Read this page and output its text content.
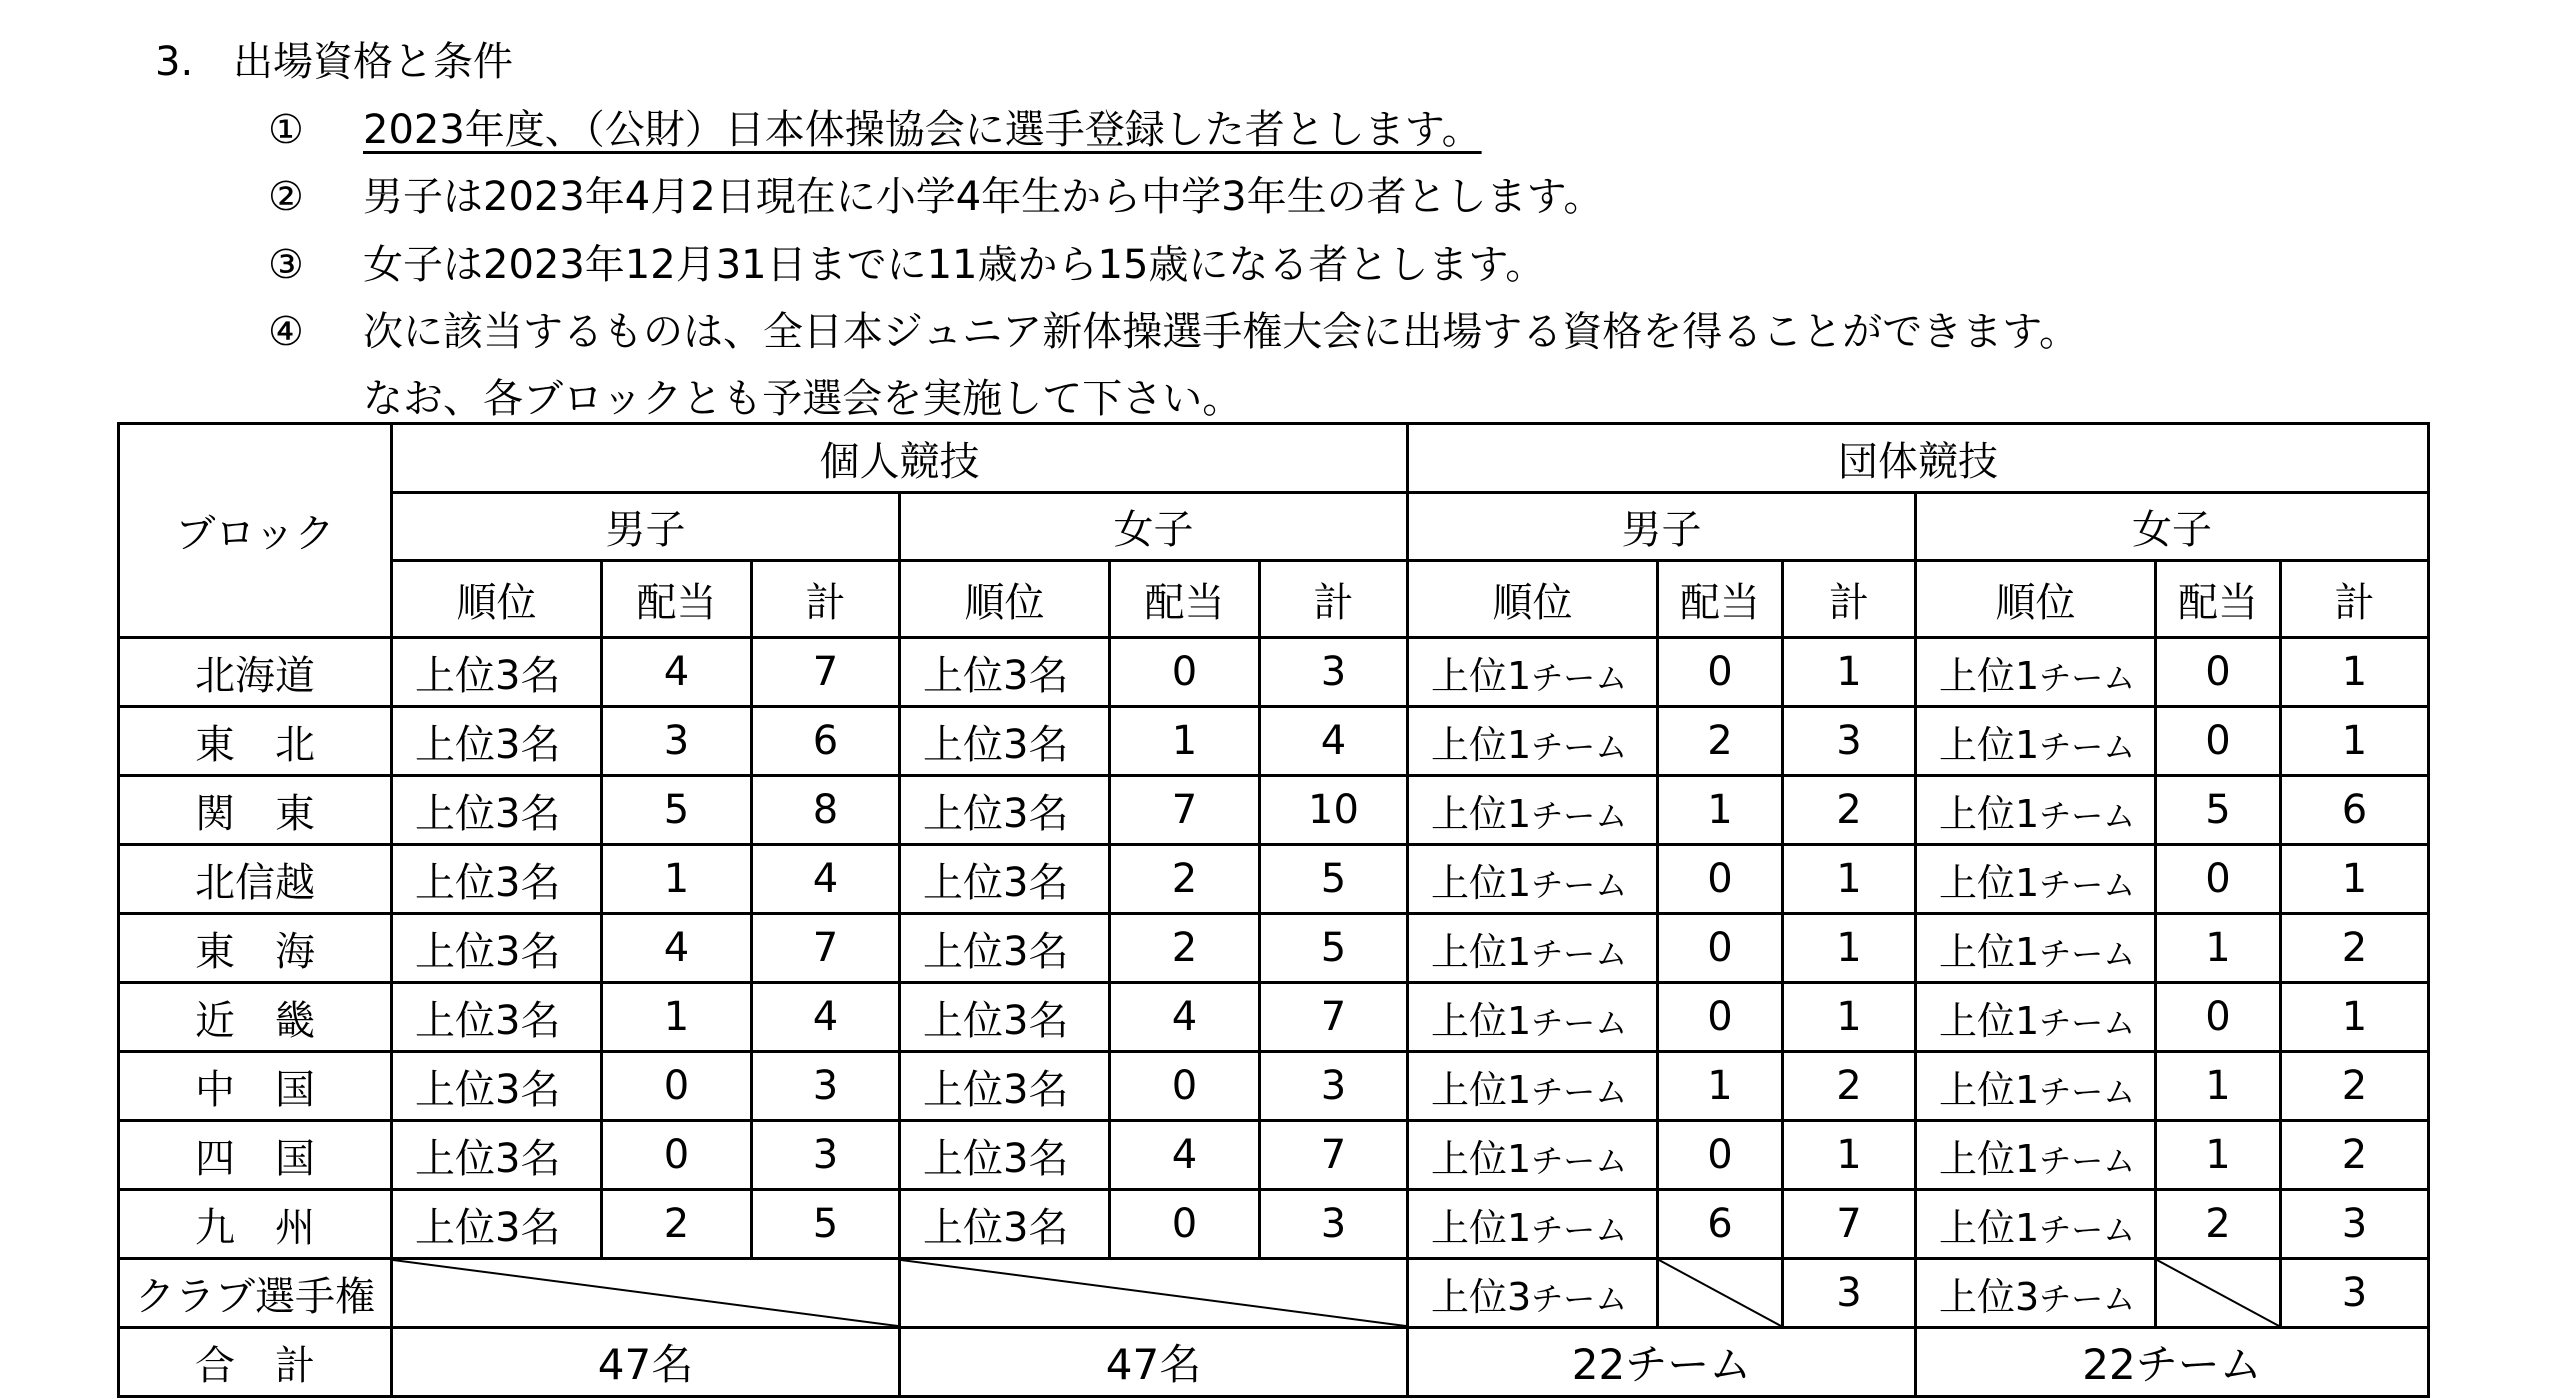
3. 出場資格と条件
① 2023年度、（公財）日本体操協会に選手登録した者とします。
② 男子は2023年4月2日現在に小学4年生から中学3年生の者とします。
③ 女子は2023年12月31日までに11歳から15歳になる者とします。
④ 次に該当するものは、全日本ジュニア新体操選手権大会に出場する資格を得ることができます。
なお、各ブロックとも予選会を実施して下さい。
ブロック	個人競技						団体競技					
	男子			女子			男子			女子		
	順位	配当	計	順位	配当	計	順位	配当	計	順位	配当	計
北海道	上位3名	4	7	上位3名	0	3	上位1チーム	0	1	上位1チーム	0	1
東　北	上位3名	3	6	上位3名	1	4	上位1チーム	2	3	上位1チーム	0	1
関　東	上位3名	5	8	上位3名	7	10	上位1チーム	1	2	上位1チーム	5	6
北信越	上位3名	1	4	上位3名	2	5	上位1チーム	0	1	上位1チーム	0	1
東　海	上位3名	4	7	上位3名	2	5	上位1チーム	0	1	上位1チーム	1	2
近　畿	上位3名	1	4	上位3名	4	7	上位1チーム	0	1	上位1チーム	0	1
中　国	上位3名	0	3	上位3名	0	3	上位1チーム	1	2	上位1チーム	1	2
四　国	上位3名	0	3	上位3名	4	7	上位1チーム	0	1	上位1チーム	1	2
九　州	上位3名	2	5	上位3名	0	3	上位1チーム	6	7	上位1チーム	2	3
クラブ選手権							上位3チーム		3	上位3チーム		3
合　計	47名			47名			22チーム			22チーム		
